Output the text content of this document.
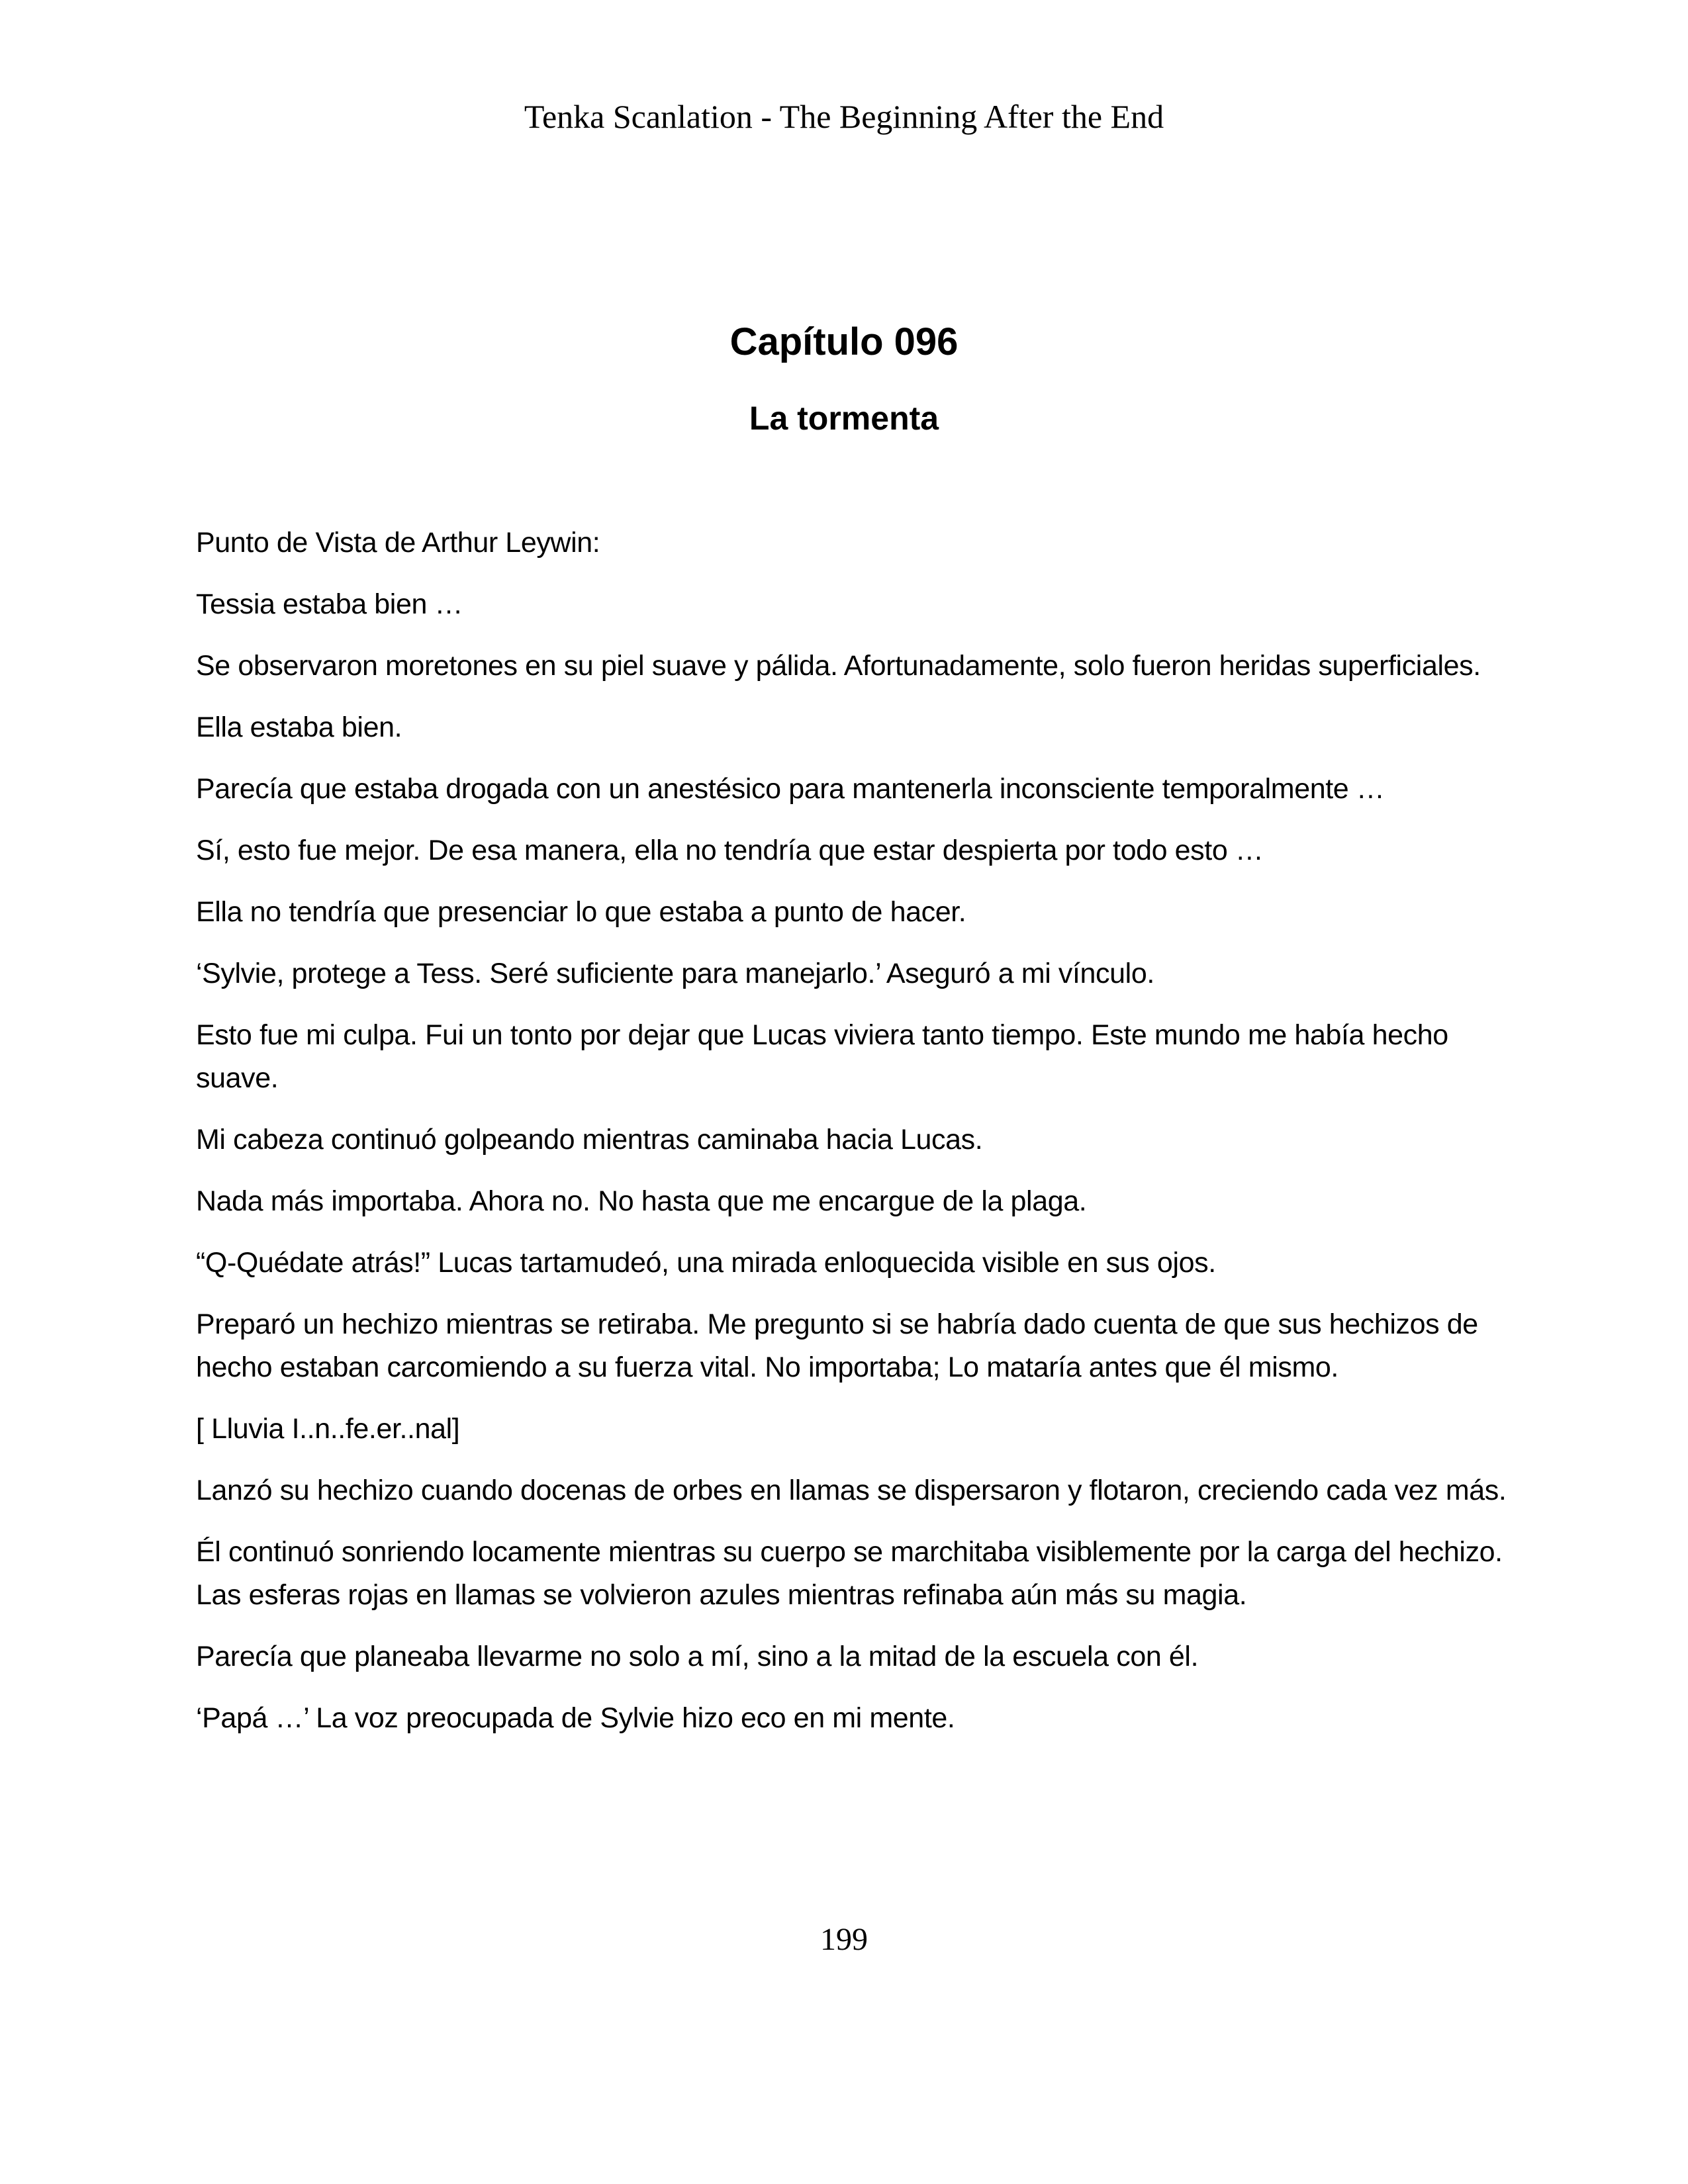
Tenka Scanlation - The Beginning After the End
Capítulo 096
La tormenta

Punto de Vista de Arthur Leywin:

Tessia estaba bien …

Se observaron moretones en su piel suave y pálida. Afortunadamente, solo fueron heridas superficiales.

Ella estaba bien.

Parecía que estaba drogada con un anestésico para mantenerla inconsciente temporalmente …

Sí, esto fue mejor. De esa manera, ella no tendría que estar despierta por todo esto …

Ella no tendría que presenciar lo que estaba a punto de hacer.

‘Sylvie, protege a Tess. Seré suficiente para manejarlo.’ Aseguró a mi vínculo.

Esto fue mi culpa. Fui un tonto por dejar que Lucas viviera tanto tiempo. Este mundo me había hecho suave.

Mi cabeza continuó golpeando mientras caminaba hacia Lucas.

Nada más importaba. Ahora no. No hasta que me encargue de la plaga.

“Q-Quédate atrás!” Lucas tartamudeó, una mirada enloquecida visible en sus ojos.

Preparó un hechizo mientras se retiraba. Me pregunto si se habría dado cuenta de que sus hechizos de hecho estaban carcomiendo a su fuerza vital. No importaba; Lo mataría antes que él mismo.

[ Lluvia I..n..fe.er..nal]

Lanzó su hechizo cuando docenas de orbes en llamas se dispersaron y flotaron, creciendo cada vez más.

Él continuó sonriendo locamente mientras su cuerpo se marchitaba visiblemente por la carga del hechizo. Las esferas rojas en llamas se volvieron azules mientras refinaba aún más su magia.

Parecía que planeaba llevarme no solo a mí, sino a la mitad de la escuela con él.

‘Papá …’ La voz preocupada de Sylvie hizo eco en mi mente.

199
